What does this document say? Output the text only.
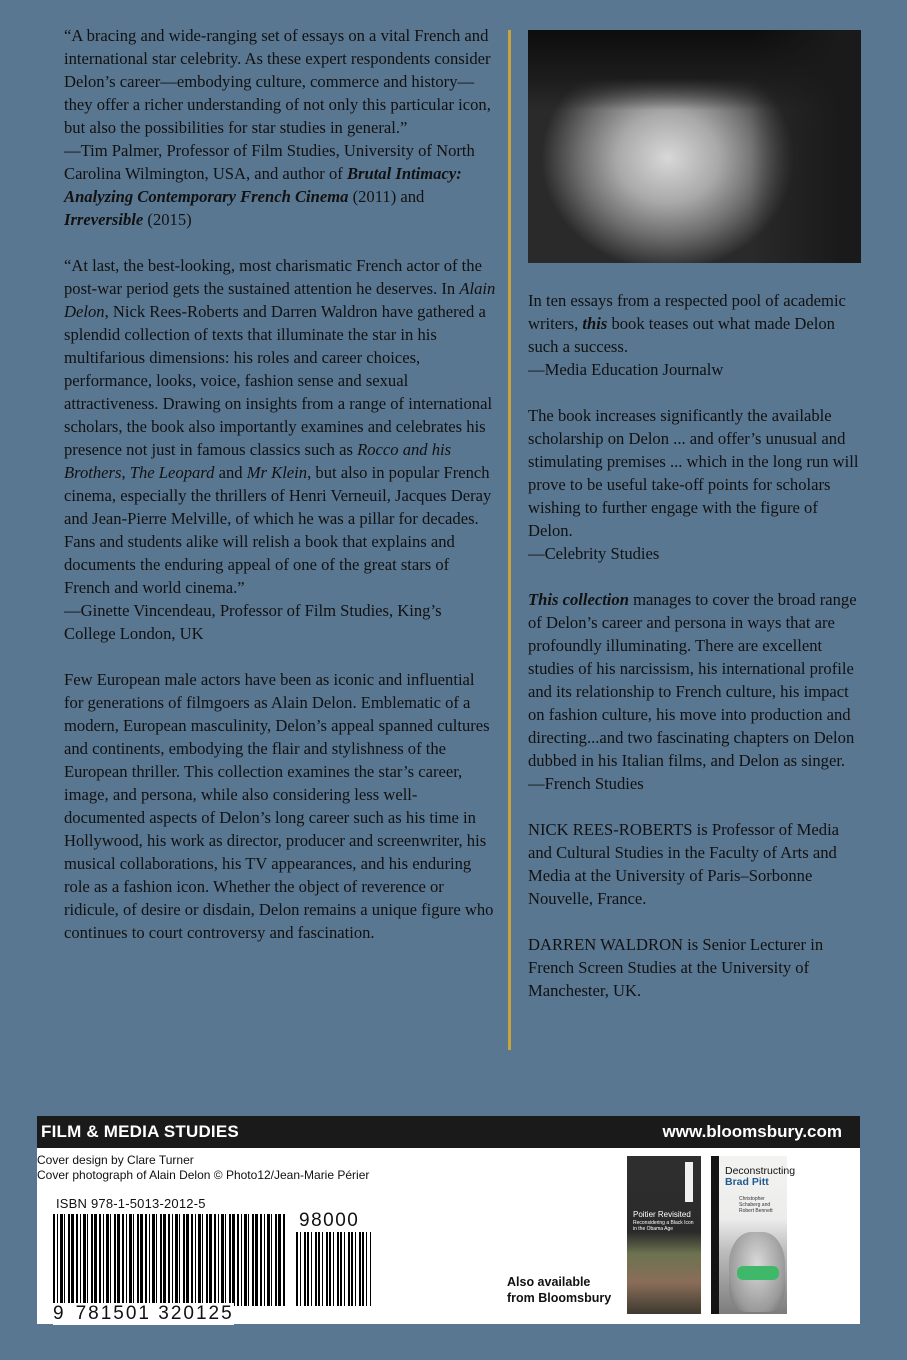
“A bracing and wide-ranging set of essays on a vital French and international star celebrity. As these expert respondents consider Delon’s career—embodying culture, commerce and history—they offer a richer understanding of not only this particular icon, but also the possibilities for star studies in general.”
—Tim Palmer, Professor of Film Studies, University of North Carolina Wilmington, USA, and author of Brutal Intimacy: Analyzing Contemporary French Cinema (2011) and Irreversible (2015)

“At last, the best-looking, most charismatic French actor of the post-war period gets the sustained attention he deserves. In Alain Delon, Nick Rees-Roberts and Darren Waldron have gathered a splendid collection of texts that illuminate the star in his multifarious dimensions: his roles and career choices, performance, looks, voice, fashion sense and sexual attractiveness. Drawing on insights from a range of international scholars, the book also importantly examines and celebrates his presence not just in famous classics such as Rocco and his Brothers, The Leopard and Mr Klein, but also in popular French cinema, especially the thrillers of Henri Verneuil, Jacques Deray and Jean-Pierre Melville, of which he was a pillar for decades. Fans and students alike will relish a book that explains and documents the enduring appeal of one of the great stars of French and world cinema.”
—Ginette Vincendeau, Professor of Film Studies, King’s College London, UK

Few European male actors have been as iconic and influential for generations of filmgoers as Alain Delon. Emblematic of a modern, European masculinity, Delon’s appeal spanned cultures and continents, embodying the flair and stylishness of the European thriller. This collection examines the star’s career, image, and persona, while also considering less well-documented aspects of Delon’s long career such as his time in Hollywood, his work as director, producer and screenwriter, his musical collaborations, his TV appearances, and his enduring role as a fashion icon. Whether the object of reverence or ridicule, of desire or disdain, Delon remains a unique figure who continues to court controversy and fascination.

In ten essays from a respected pool of academic writers, this book teases out what made Delon such a success.
—Media Education Journalw

The book increases significantly the available scholarship on Delon ... and offer’s unusual and stimulating premises ... which in the long run will prove to be useful take-off points for scholars wishing to further engage with the figure of Delon.
—Celebrity Studies

This collection manages to cover the broad range of Delon’s career and persona in ways that are profoundly illuminating. There are excellent studies of his narcissism, his international profile and its relationship to French culture, his impact on fashion culture, his move into production and directing...and two fascinating chapters on Delon dubbed in his Italian films, and Delon as singer.
—French Studies

NICK REES-ROBERTS is Professor of Media and Cultural Studies in the Faculty of Arts and Media at the University of Paris–Sorbonne Nouvelle, France.

DARREN WALDRON is Senior Lecturer in French Screen Studies at the University of Manchester, UK.

FILM & MEDIA STUDIES	www.bloomsbury.com
Cover design by Clare Turner
Cover photograph of Alain Delon © Photo12/Jean-Marie Périer
ISBN 978-1-5013-2012-5
98000
9 781501 320125
Also available
from Bloomsbury
Poitier Revisited
Reconsidering a Black Icon in the Obama Age
Deconstructing
Brad Pitt
Christopher Schaberg and Robert Bennett
